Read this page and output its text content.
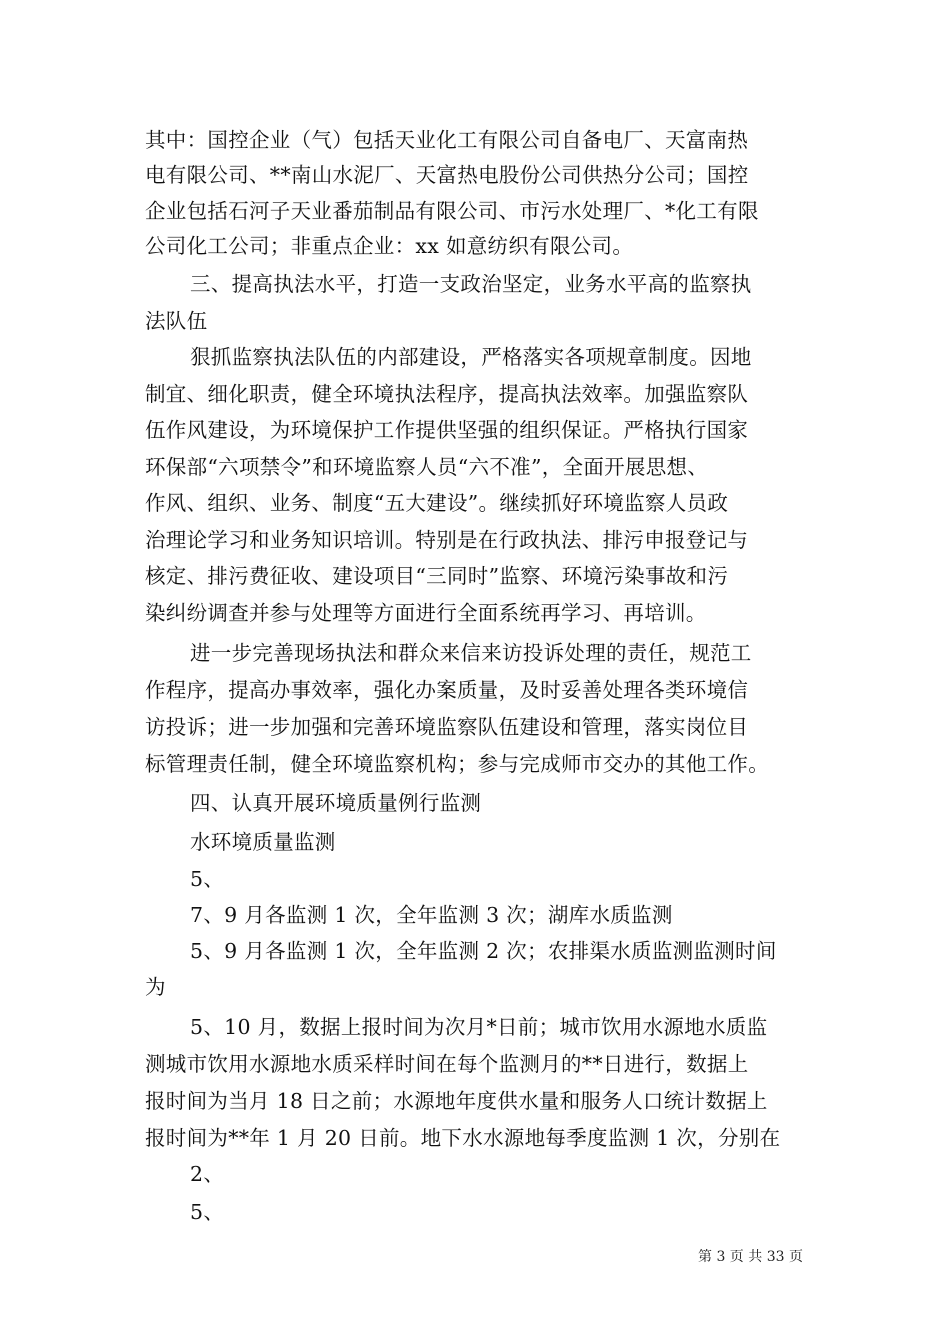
其中：国控企业（气）包括天业化工有限公司自备电厂、天富南热
电有限公司、**南山水泥厂、天富热电股份公司供热分公司；国控
企业包括石河子天业番茄制品有限公司、市污水处理厂、*化工有限
公司化工公司；非重点企业：xx 如意纺织有限公司。
三、提高执法水平，打造一支政治坚定，业务水平高的监察执
法队伍
狠抓监察执法队伍的内部建设，严格落实各项规章制度。因地
制宜、细化职责，健全环境执法程序，提高执法效率。加强监察队
伍作风建设，为环境保护工作提供坚强的组织保证。严格执行国家
环保部“六项禁令”和环境监察人员“六不准”，全面开展思想、
作风、组织、业务、制度“五大建设”。继续抓好环境监察人员政
治理论学习和业务知识培训。特别是在行政执法、排污申报登记与
核定、排污费征收、建设项目“三同时”监察、环境污染事故和污
染纠纷调查并参与处理等方面进行全面系统再学习、再培训。
进一步完善现场执法和群众来信来访投诉处理的责任，规范工
作程序，提高办事效率，强化办案质量，及时妥善处理各类环境信
访投诉；进一步加强和完善环境监察队伍建设和管理，落实岗位目
标管理责任制，健全环境监察机构；参与完成师市交办的其他工作。
四、认真开展环境质量例行监测
水环境质量监测
5、
7、9 月各监测 1 次，全年监测 3 次；湖库水质监测
5、9 月各监测 1 次，全年监测 2 次；农排渠水质监测监测时间
为
5、10 月，数据上报时间为次月*日前；城市饮用水源地水质监
测城市饮用水源地水质采样时间在每个监测月的**日进行，数据上
报时间为当月 18 日之前；水源地年度供水量和服务人口统计数据上
报时间为**年 1 月 20 日前。地下水水源地每季度监测 1 次，分别在
2、
5、
第 3 页 共 33 页
